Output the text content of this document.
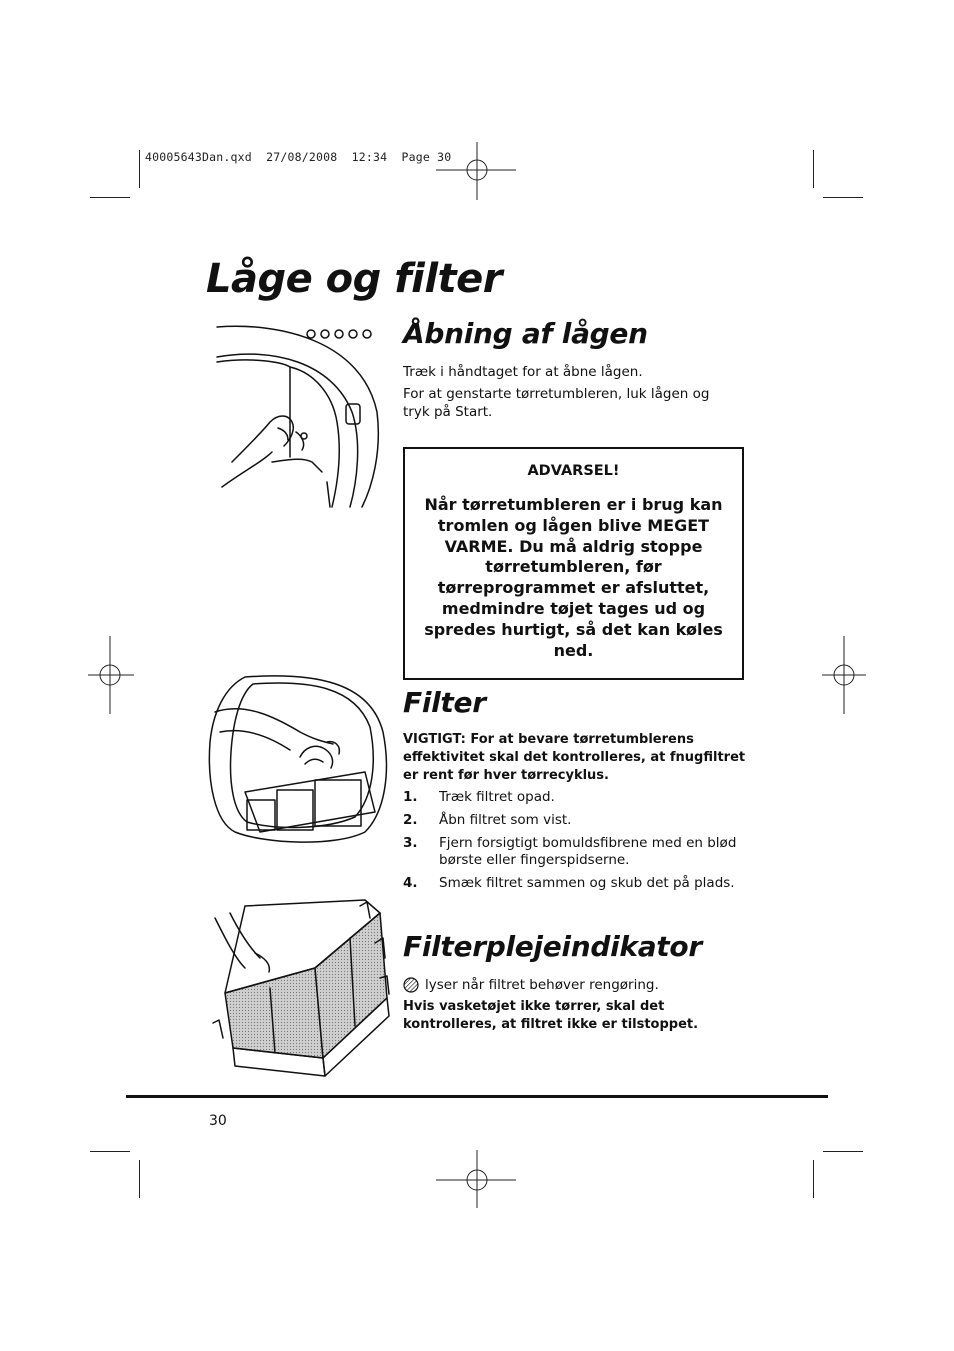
40005643Dan.qxd  27/08/2008  12:34  Page 30
Låge og filter
Åbning af lågen

Træk i håndtaget for at åbne lågen.

For at genstarte tørretumbleren, luk lågen og tryk på Start.

ADVARSEL!
Når tørretumbleren er i brug kan tromlen og lågen blive MEGET VARME. Du må aldrig stoppe tørretumbleren, før tørreprogrammet er afsluttet, medmindre tøjet tages ud og spredes hurtigt, så det kan køles ned.
Filter

VIGTIGT: For at bevare tørretumblerens effektivitet skal det kontrolleres, at fnugfiltret er rent før hver tørrecyklus.

1.	Træk filtret opad.
2.	Åbn filtret som vist.
3.	Fjern forsigtigt bomuldsfibrene med en blød børste eller fingerspidserne.
4.	Smæk filtret sammen og skub det på plads.
Filterplejeindikator
lyser når filtret behøver rengøring.

Hvis vasketøjet ikke tørrer, skal det kontrolleres, at filtret ikke er tilstoppet.

30
